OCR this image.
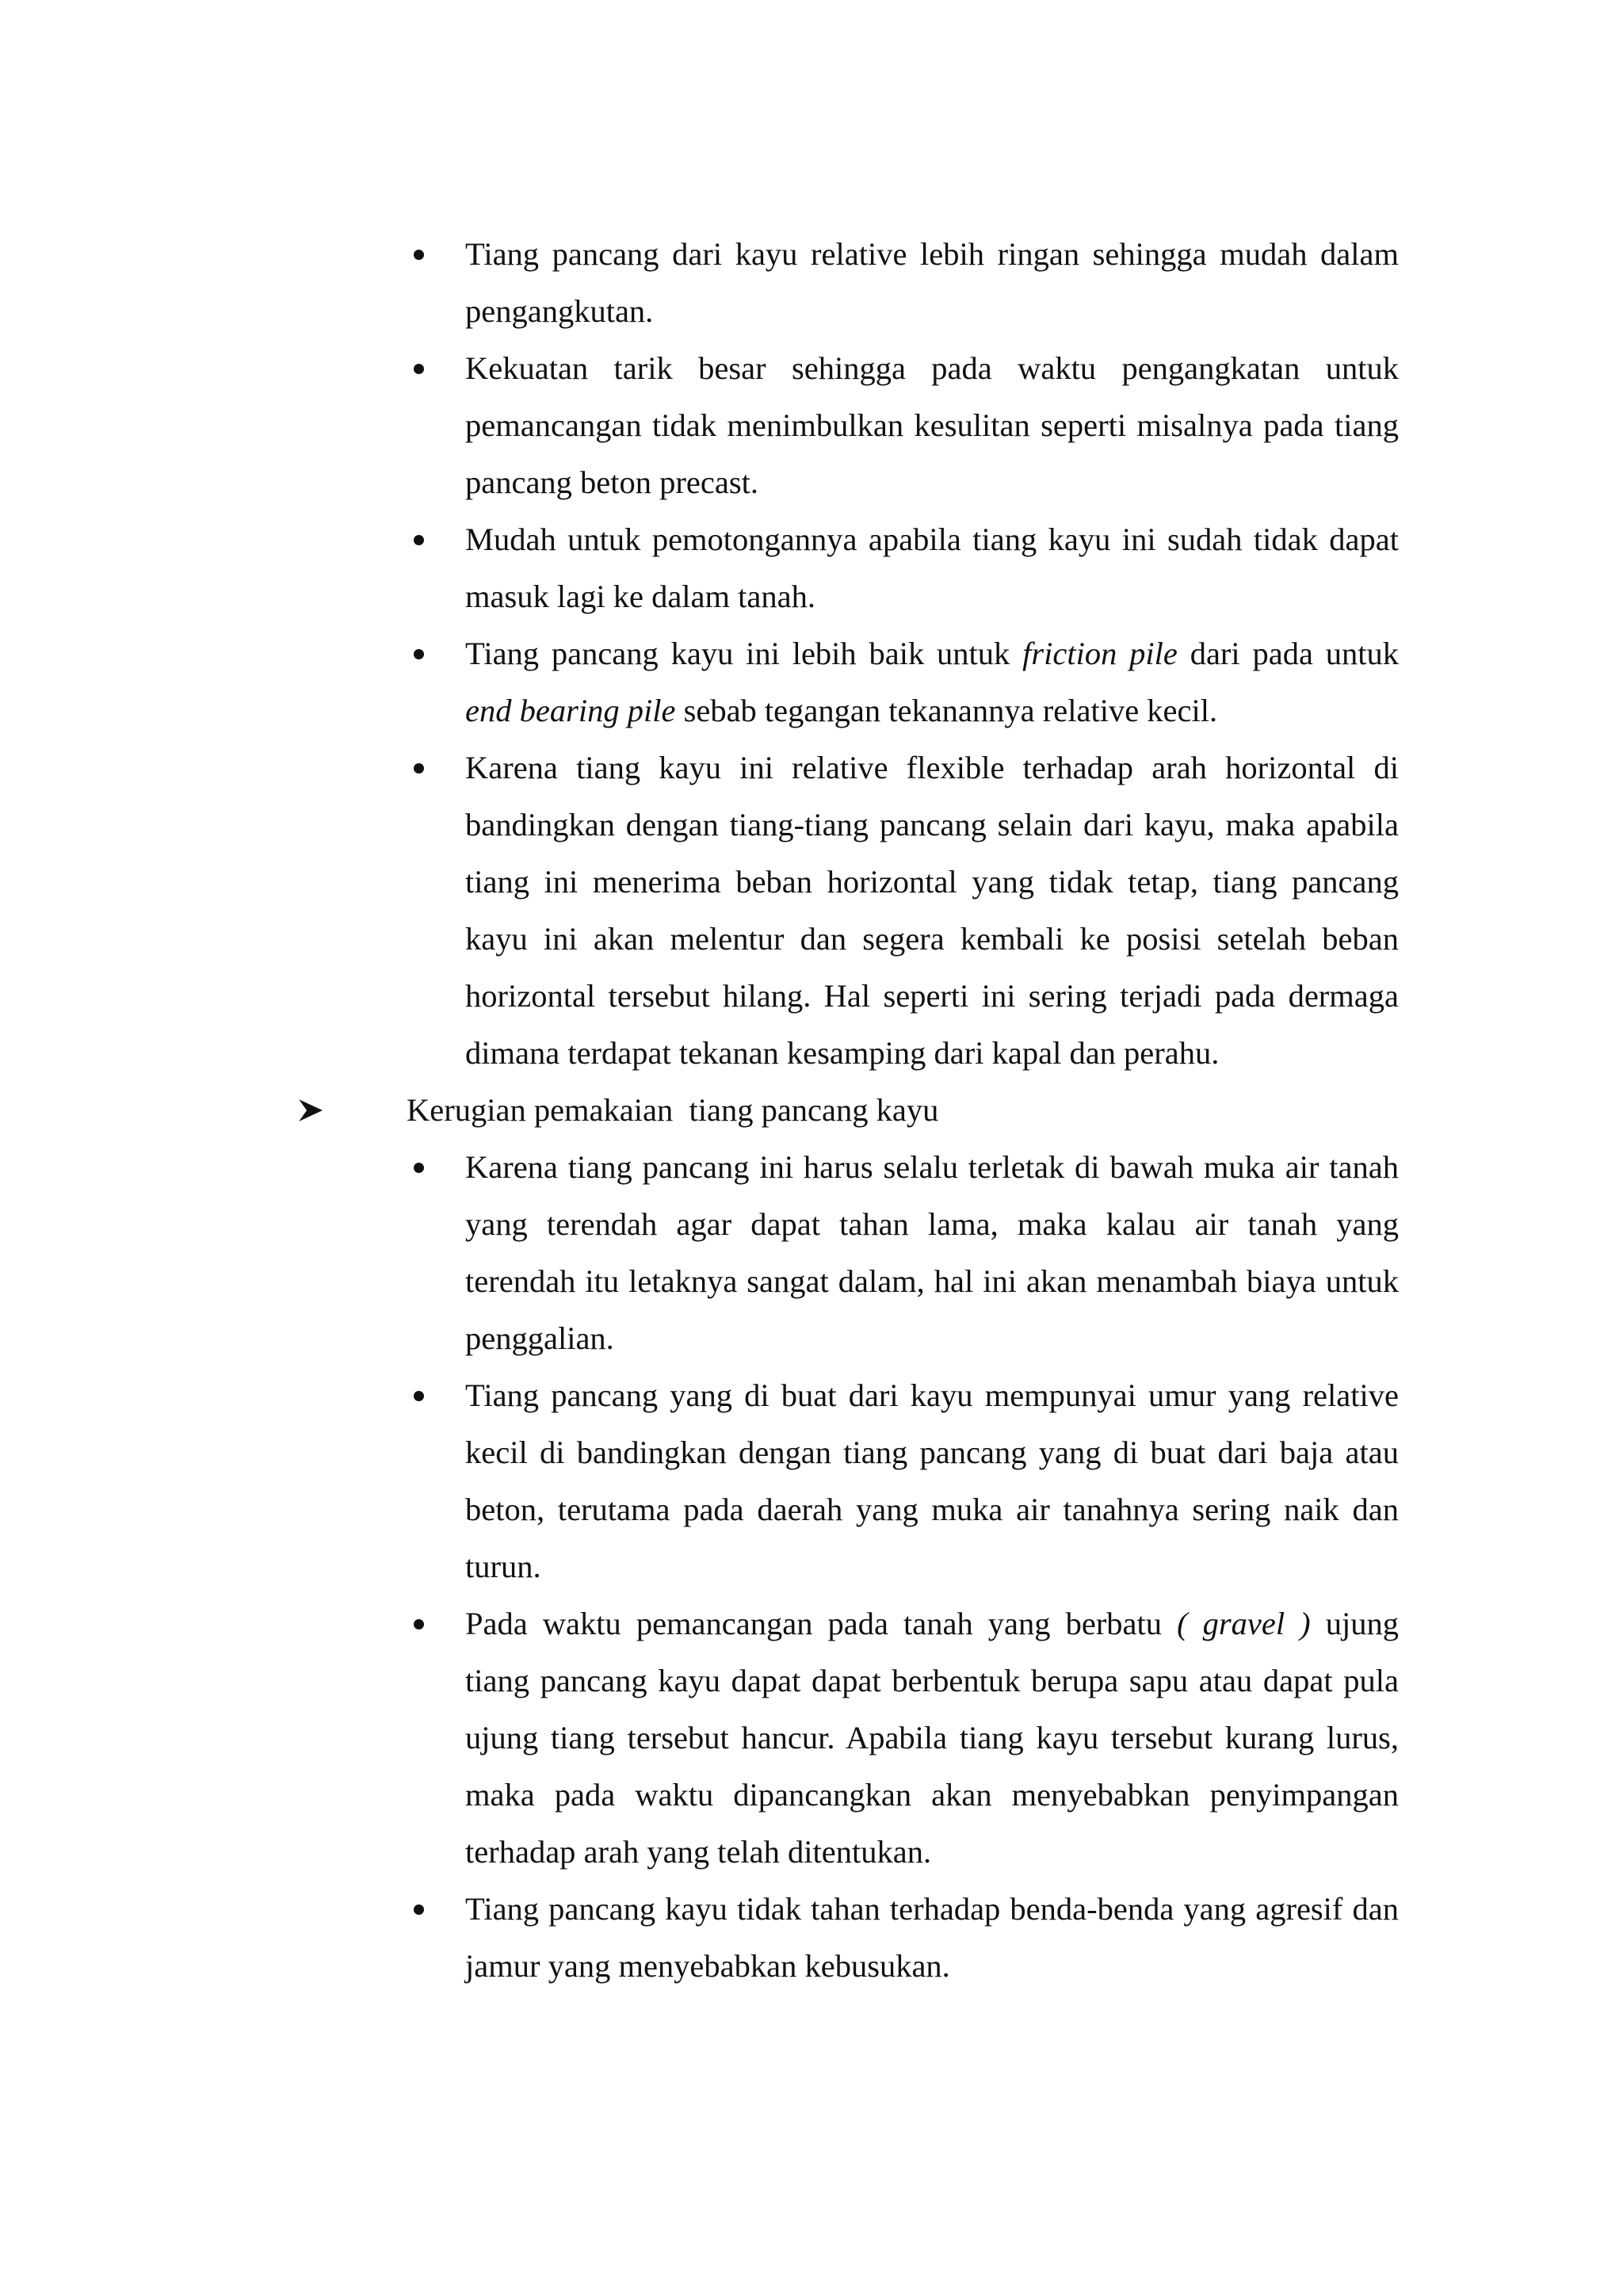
Tiang pancang dari kayu relative lebih ringan sehingga mudah dalam pengangkutan.
Kekuatan tarik besar sehingga pada waktu pengangkatan untuk pemancangan tidak menimbulkan kesulitan seperti misalnya pada tiang pancang beton precast.
Mudah untuk pemotongannya apabila tiang kayu ini sudah tidak dapat masuk lagi ke dalam tanah.
Tiang pancang kayu ini lebih baik untuk friction pile dari pada untuk end bearing pile sebab tegangan tekanannya relative kecil.
Karena tiang kayu ini relative flexible terhadap arah horizontal di bandingkan dengan tiang-tiang pancang selain dari kayu, maka apabila tiang ini menerima beban horizontal yang tidak tetap, tiang pancang kayu ini akan melentur dan segera kembali ke posisi setelah beban horizontal tersebut hilang. Hal seperti ini sering terjadi pada dermaga dimana terdapat tekanan kesamping dari kapal dan perahu.
Kerugian pemakaian  tiang pancang kayu
Karena tiang pancang ini harus selalu terletak di bawah muka air tanah yang terendah agar dapat tahan lama, maka kalau air tanah yang terendah itu letaknya sangat dalam, hal ini akan menambah biaya untuk penggalian.
Tiang pancang yang di buat dari kayu mempunyai umur yang relative kecil di bandingkan dengan tiang pancang yang di buat dari baja atau beton, terutama pada daerah yang muka air tanahnya sering naik dan turun.
Pada waktu pemancangan pada tanah yang berbatu ( gravel ) ujung tiang pancang kayu dapat dapat berbentuk berupa sapu atau dapat pula ujung tiang tersebut hancur. Apabila tiang kayu tersebut kurang lurus, maka pada waktu dipancangkan akan menyebabkan penyimpangan terhadap arah yang telah ditentukan.
Tiang pancang kayu tidak tahan terhadap benda-benda yang agresif dan jamur yang menyebabkan kebusukan.
